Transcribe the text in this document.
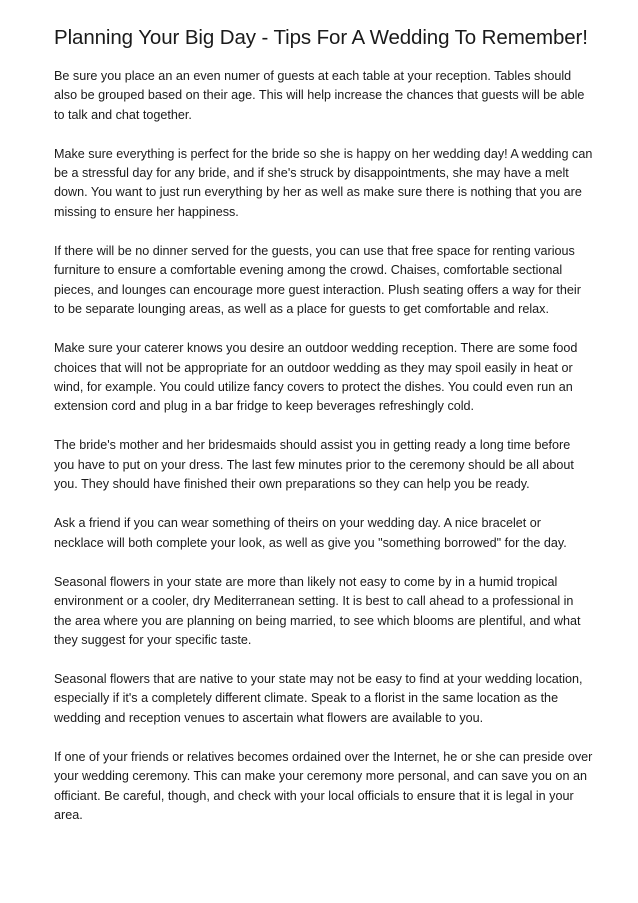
Planning Your Big Day - Tips For A Wedding To Remember!

Be sure you place an an even numer of guests at each table at your reception. Tables should also be grouped based on their age. This will help increase the chances that guests will be able to talk and chat together.

Make sure everything is perfect for the bride so she is happy on her wedding day! A wedding can be a stressful day for any bride, and if she's struck by disappointments, she may have a melt down. You want to just run everything by her as well as make sure there is nothing that you are missing to ensure her happiness.

If there will be no dinner served for the guests, you can use that free space for renting various furniture to ensure a comfortable evening among the crowd. Chaises, comfortable sectional pieces, and lounges can encourage more guest interaction. Plush seating offers a way for their to be separate lounging areas, as well as a place for guests to get comfortable and relax.

Make sure your caterer knows you desire an outdoor wedding reception. There are some food choices that will not be appropriate for an outdoor wedding as they may spoil easily in heat or wind, for example. You could utilize fancy covers to protect the dishes. You could even run an extension cord and plug in a bar fridge to keep beverages refreshingly cold.

The bride's mother and her bridesmaids should assist you in getting ready a long time before you have to put on your dress. The last few minutes prior to the ceremony should be all about you. They should have finished their own preparations so they can help you be ready.

Ask a friend if you can wear something of theirs on your wedding day. A nice bracelet or necklace will both complete your look, as well as give you "something borrowed" for the day.

Seasonal flowers in your state are more than likely not easy to come by in a humid tropical environment or a cooler, dry Mediterranean setting. It is best to call ahead to a professional in the area where you are planning on being married, to see which blooms are plentiful, and what they suggest for your specific taste.

Seasonal flowers that are native to your state may not be easy to find at your wedding location, especially if it's a completely different climate. Speak to a florist in the same location as the wedding and reception venues to ascertain what flowers are available to you.

If one of your friends or relatives becomes ordained over the Internet, he or she can preside over your wedding ceremony. This can make your ceremony more personal, and can save you on an officiant. Be careful, though, and check with your local officials to ensure that it is legal in your area.
